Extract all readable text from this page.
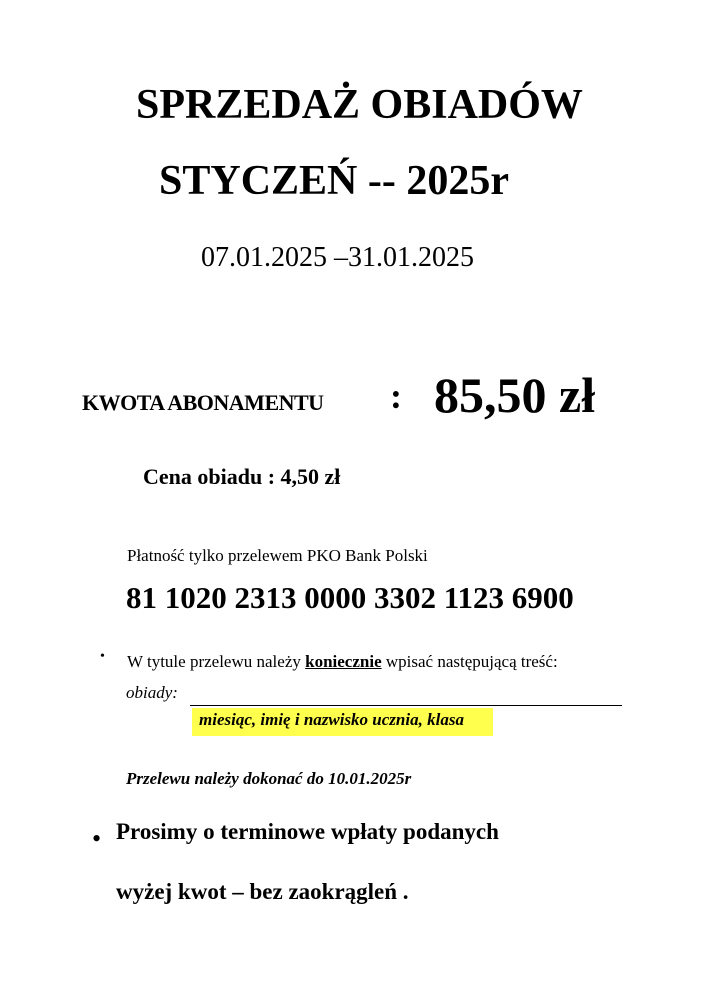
SPRZEDAŻ OBIADÓW
STYCZEŃ -- 2025r
07.01.2025 –31.01.2025
KWOTA ABONAMENTU : 85,50 zł
Cena obiadu : 4,50 zł
Płatność tylko przelewem PKO Bank Polski
81 1020 2313 0000 3302 1123 6900
• W tytule przelewu należy koniecznie wpisać następującą treść:
obiady:
miesiąc, imię i nazwisko ucznia, klasa
Przelewu należy dokonać do 10.01.2025r
• Prosimy o terminowe wpłaty podanych
wyżej kwot – bez zaokrągleń .
